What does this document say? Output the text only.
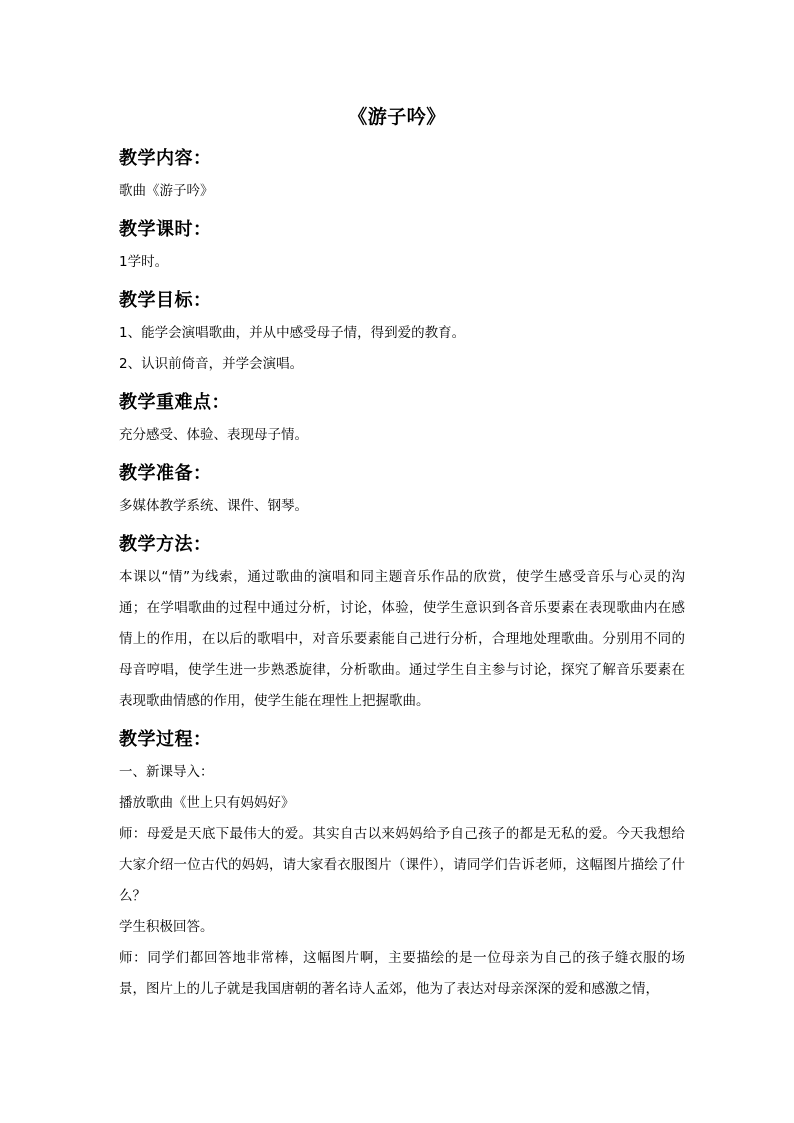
《游子吟》
教学内容：

歌曲《游子吟》

教学课时：

1学时。

教学目标：

1、能学会演唱歌曲，并从中感受母子情，得到爱的教育。

2、认识前倚音，并学会演唱。

教学重难点：

充分感受、体验、表现母子情。

教学准备：

多媒体教学系统、课件、钢琴。

教学方法：

本课以“情”为线索，通过歌曲的演唱和同主题音乐作品的欣赏，使学生感受音乐与心灵的沟通；在学唱歌曲的过程中通过分析，讨论，体验，使学生意识到各音乐要素在表现歌曲内在感情上的作用，在以后的歌唱中，对音乐要素能自己进行分析，合理地处理歌曲。分别用不同的母音哼唱，使学生进一步熟悉旋律，分析歌曲。通过学生自主参与讨论，探究了解音乐要素在表现歌曲情感的作用，使学生能在理性上把握歌曲。

教学过程：

一、新课导入：

播放歌曲《世上只有妈妈好》

师：母爱是天底下最伟大的爱。其实自古以来妈妈给予自己孩子的都是无私的爱。今天我想给大家介绍一位古代的妈妈，请大家看衣服图片（课件），请同学们告诉老师，这幅图片描绘了什么？

学生积极回答。

师：同学们都回答地非常棒，这幅图片啊，主要描绘的是一位母亲为自己的孩子缝衣服的场景，图片上的儿子就是我国唐朝的著名诗人孟郊，他为了表达对母亲深深的爱和感激之情，
